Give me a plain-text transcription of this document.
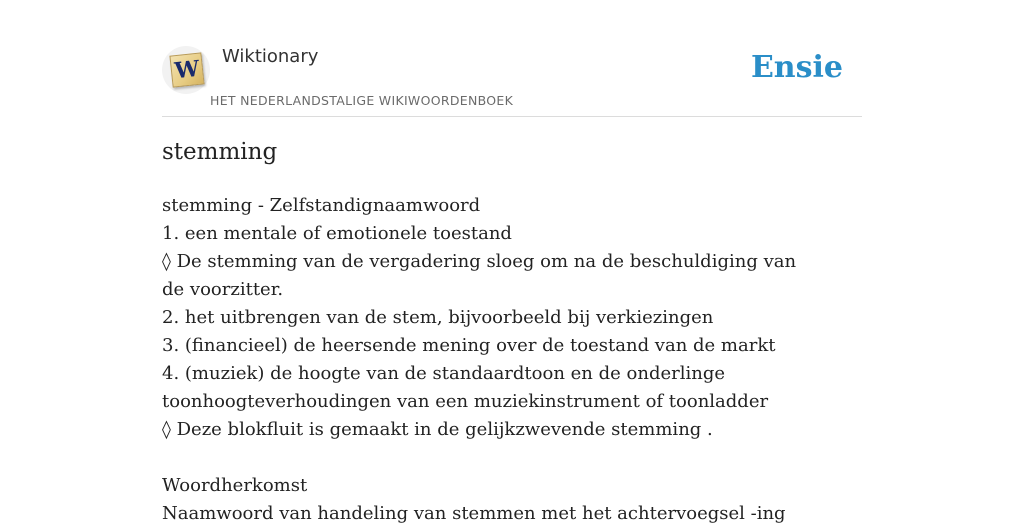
W Wiktionary
HET NEDERLANDSTALIGE WIKIWOORDENBOEK
Ensie
stemming
stemming - Zelfstandignaamwoord
1. een mentale of emotionele toestand
◊ De stemming van de vergadering sloeg om na de beschuldiging van de voorzitter.
2. het uitbrengen van de stem, bijvoorbeeld bij verkiezingen
3. (financieel) de heersende mening over de toestand van de markt
4. (muziek) de hoogte van de standaardtoon en de onderlinge toonhoogteverhoudingen van een muziekinstrument of toonladder
◊ Deze blokfluit is gemaakt in de gelijkzwevende stemming .
Woordherkomst
Naamwoord van handeling van stemmen met het achtervoegsel -ing
